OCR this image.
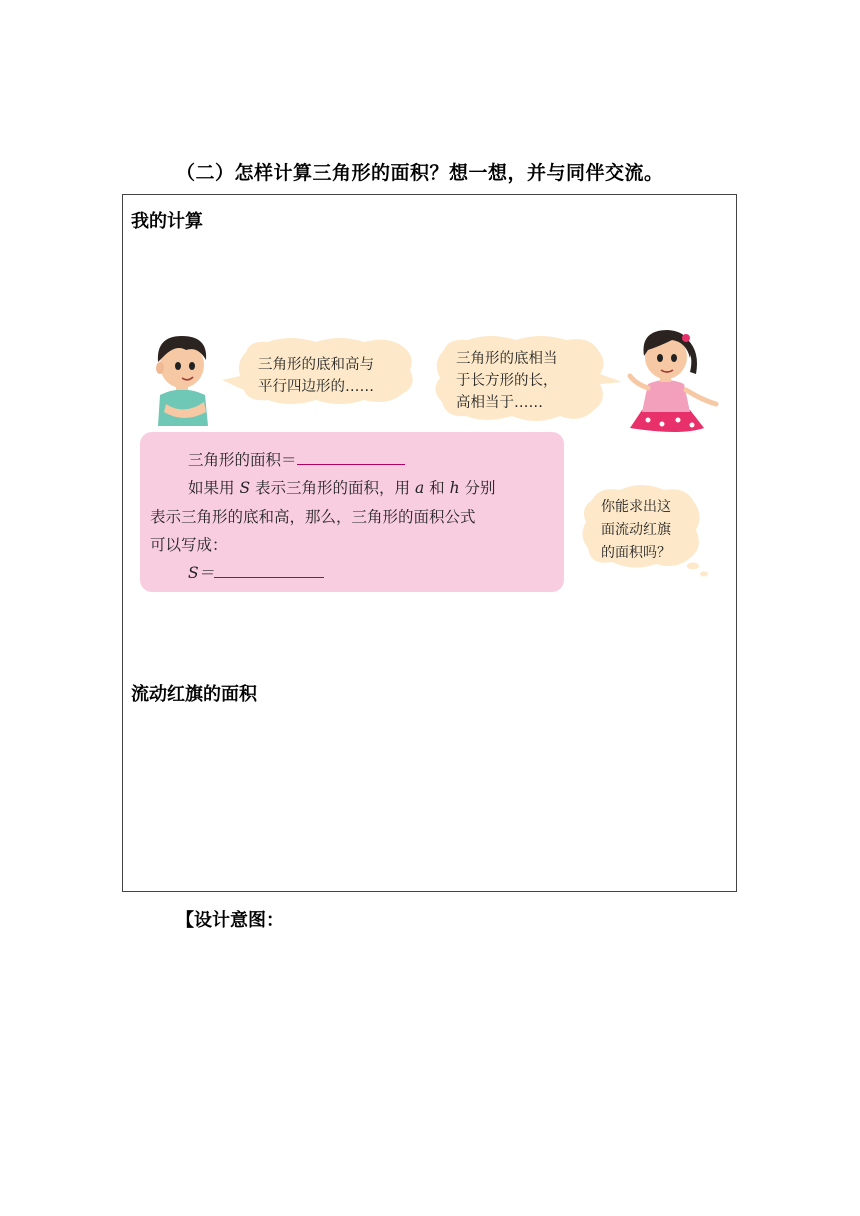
（二）怎样计算三角形的面积？想一想，并与同伴交流。
我的计算
流动红旗的面积
三角形的底和高与
平行四边形的……
三角形的底相当
于长方形的长，
高相当于……
你能求出这
面流动红旗
的面积吗？
三角形的面积＝
如果用 S 表示三角形的面积，用 a 和 h 分别
表示三角形的底和高，那么，三角形的面积公式
可以写成：
S＝
【设计意图：
